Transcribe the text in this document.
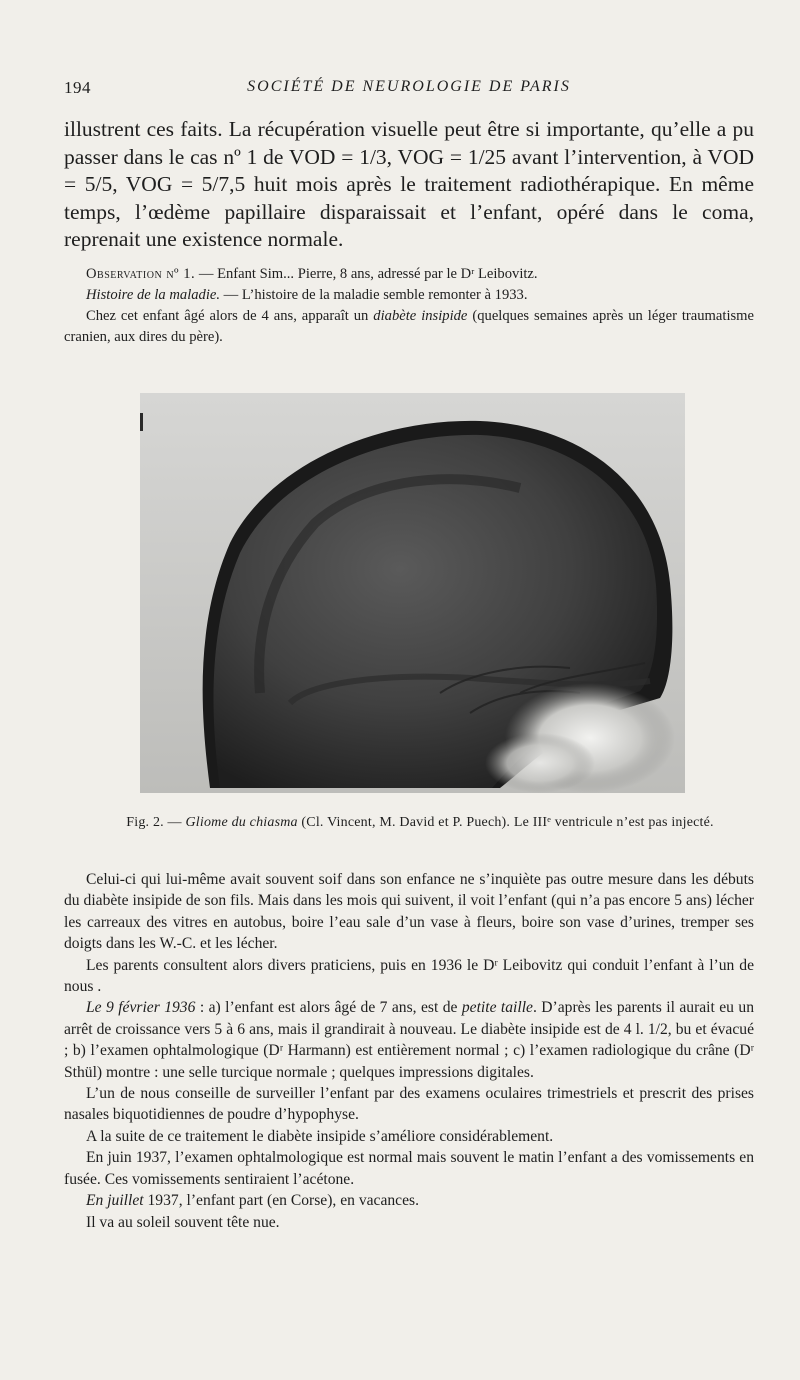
194	SOCIÉTÉ DE NEUROLOGIE DE PARIS
illustrent ces faits. La récupération visuelle peut être si importante, qu’elle a pu passer dans le cas nº 1 de VOD = 1/3, VOG = 1/25 avant l’intervention, à VOD = 5/5, VOG = 5/7,5 huit mois après le traitement radiothérapique. En même temps, l’œdème papillaire disparaissait et l’enfant, opéré dans le coma, reprenait une existence normale.

Observation nº 1. — Enfant Sim... Pierre, 8 ans, adressé par le Dʳ Leibovitz.

Histoire de la maladie. — L’histoire de la maladie semble remonter à 1933.

Chez cet enfant âgé alors de 4 ans, apparaît un diabète insipide (quelques semaines après un léger traumatisme cranien, aux dires du père).

Fig. 2. — Gliome du chiasma (Cl. Vincent, M. David et P. Puech). Le IIIᵉ ventricule n’est pas injecté.

Celui-ci qui lui-même avait souvent soif dans son enfance ne s’inquiète pas outre mesure dans les débuts du diabète insipide de son fils. Mais dans les mois qui suivent, il voit l’enfant (qui n’a pas encore 5 ans) lécher les carreaux des vitres en autobus, boire l’eau sale d’un vase à fleurs, boire son vase d’urines, tremper ses doigts dans les W.-C. et les lécher.

Les parents consultent alors divers praticiens, puis en 1936 le Dʳ Leibovitz qui conduit l’enfant à l’un de nous .

Le 9 février 1936 : a) l’enfant est alors âgé de 7 ans, est de petite taille. D’après les parents il aurait eu un arrêt de croissance vers 5 à 6 ans, mais il grandirait à nouveau. Le diabète insipide est de 4 l. 1/2, bu et évacué ; b) l’examen ophtalmologique (Dʳ Harmann) est entièrement normal ; c) l’examen radiologique du crâne (Dʳ Sthül) montre : une selle turcique normale ; quelques impressions digitales.

L’un de nous conseille de surveiller l’enfant par des examens oculaires trimestriels et prescrit des prises nasales biquotidiennes de poudre d’hypophyse.

A la suite de ce traitement le diabète insipide s’améliore considérablement.

En juin 1937, l’examen ophtalmologique est normal mais souvent le matin l’enfant a des vomissements en fusée. Ces vomissements sentiraient l’acétone.

En juillet 1937, l’enfant part (en Corse), en vacances.

Il va au soleil souvent tête nue.
